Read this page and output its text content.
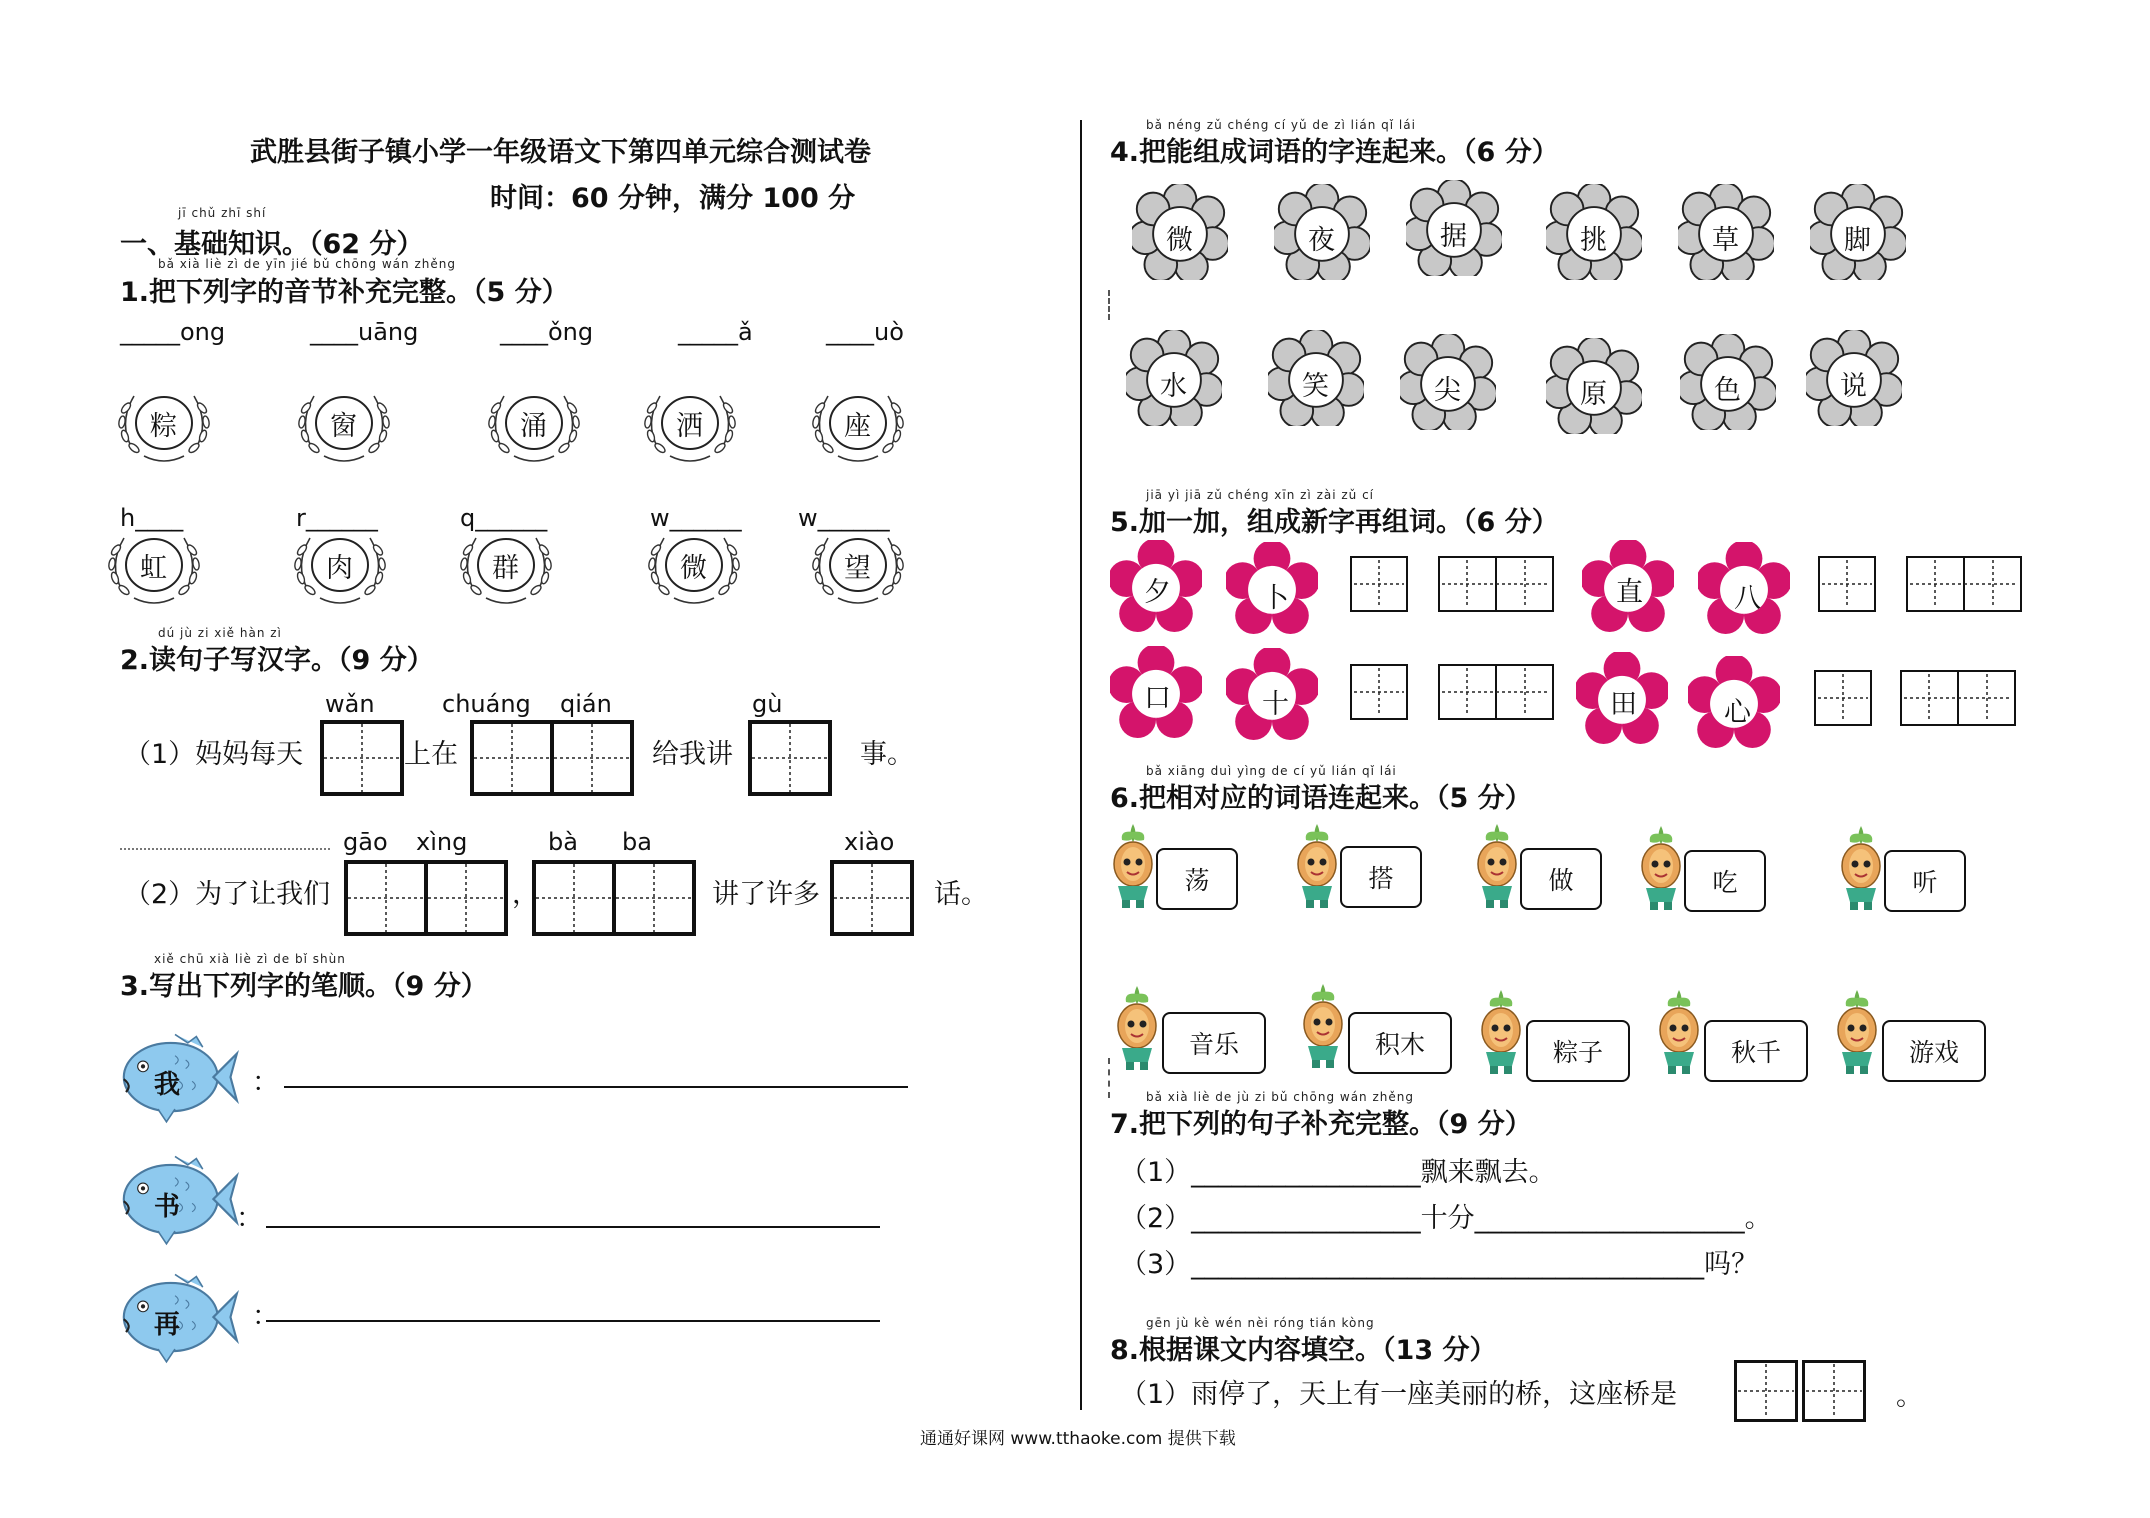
武胜县街子镇小学一年级语文下第四单元综合测试卷
时间：60 分钟，满分 100 分
jī chǔ zhī shí
一、基础知识。（62 分）
bǎ xià liè zì de yīn jié bǔ chōng wán zhěng
1.把下列字的音节补充完整。（5 分）
_____ong	____uāng	____ǒng	_____ǎ	____uò
粽	窗	涌	洒	座
h____	r______	q______	w______ w______
虹	肉	群	微	望
dú jù zi xiě hàn zì
2.读句子写汉字。（9 分）
wǎn	chuáng qián	gù
（1）妈妈每天	上在	给我讲	事。
gāo xìng	bà ba	xiào
（2）为了让我们	，	讲了许多	话。
xiě chū xià liè zì de bǐ shùn
3.写出下列字的笔顺。（9 分）
我	：
书 ：
再	：
bǎ néng zǔ chéng cí yǔ de zì lián qǐ lái
4.把能组成词语的字连起来。（6 分）
微	夜	据	挑	草	脚
水	笑	尖	原	色	说
jiā yì jiā zǔ chéng xīn zì zài zǔ cí
5.加一加，组成新字再组词。（6 分）
夕	卜	直	八
口	十	田	心
bǎ xiāng duì yìng de cí yǔ lián qǐ lái
6.把相对应的词语连起来。（5 分）
荡	搭	做	吃	听
音乐	积木	粽子	秋千	游戏
bǎ xià liè de jù zi bǔ chōng wán zhěng
7.把下列的句子补充完整。（9 分）
（1）_________________飘来飘去。
（2）_________________十分____________________。
（3）______________________________________吗？
gēn jù kè wén nèi róng tián kòng
8.根据课文内容填空。（13 分）
（1）雨停了，天上有一座美丽的桥，这座桥是	。
通通好课网 www.tthaoke.com 提供下载
